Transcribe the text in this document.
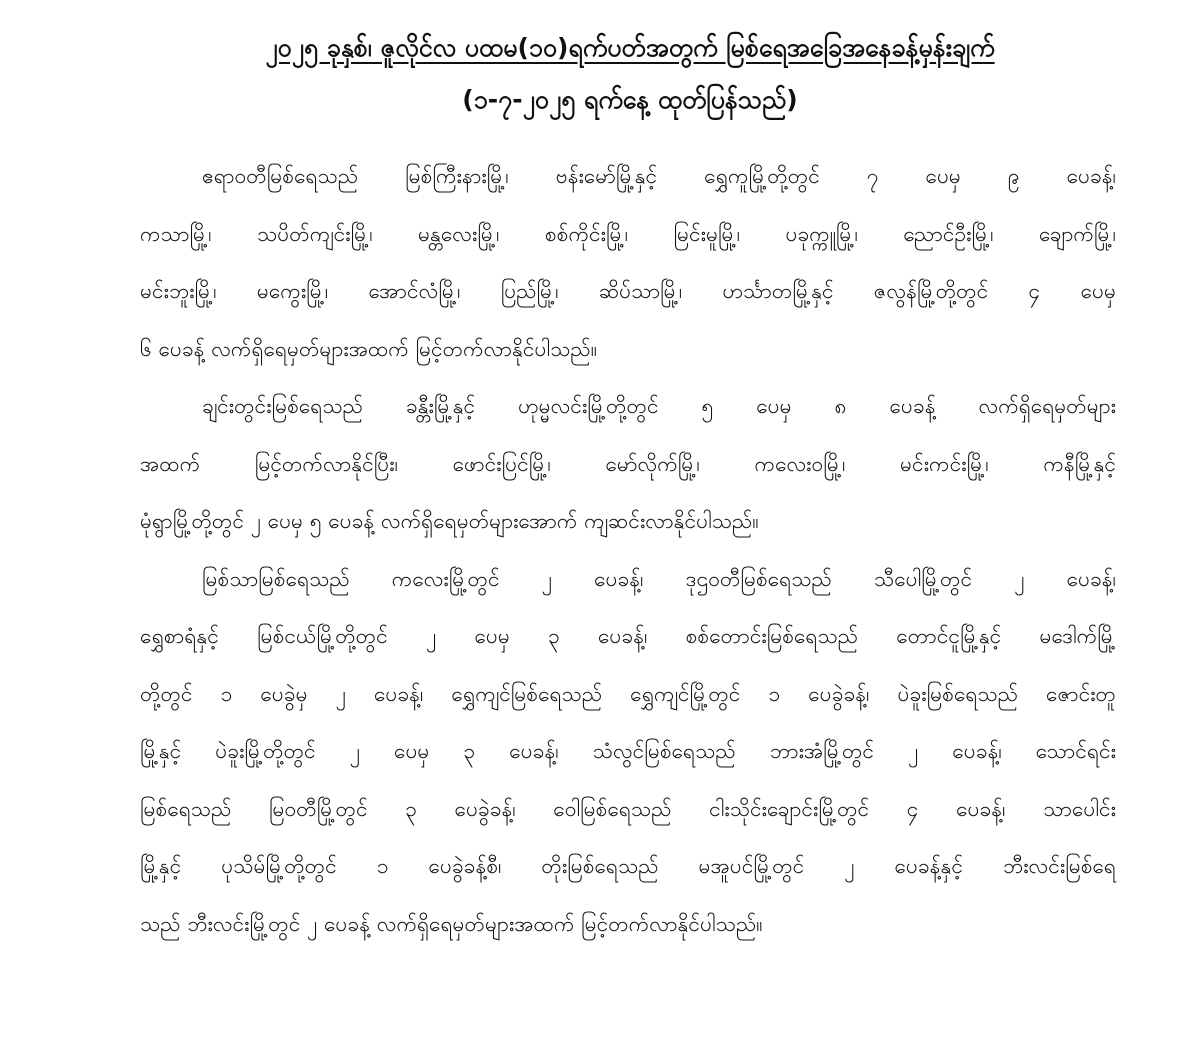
၂၀၂၅ ခုနှစ်၊ ဇူလိုင်လ ပထမ(၁၀)ရက်ပတ်အတွက် မြစ်ရေအခြေအနေခန့်မှန်းချက်
(၁-၇-၂၀၂၅ ရက်နေ့ ထုတ်ပြန်သည်)

ဧရာဝတီမြစ်ရေသည် မြစ်ကြီးနားမြို့၊ ဗန်းမော်မြို့နှင့် ရွှေကူမြို့တို့တွင် ၇ ပေမှ ၉ ပေခန့်၊

ကသာမြို့၊ သပိတ်ကျင်းမြို့၊ မန္တလေးမြို့၊ စစ်ကိုင်းမြို့၊ မြင်းမူမြို့၊ ပခုက္ကူမြို့၊ ညောင်ဦးမြို့၊ ချောက်မြို့၊

မင်းဘူးမြို့၊ မကွေးမြို့၊ အောင်လံမြို့၊ ပြည်မြို့၊ ဆိပ်သာမြို့၊ ဟင်္သာတမြို့နှင့် ဇလွန်မြို့တို့တွင် ၄ ပေမှ

၆ ပေခန့် လက်ရှိရေမှတ်များအထက် မြင့်တက်လာနိုင်ပါသည်။

ချင်းတွင်းမြစ်ရေသည် ခန္တီးမြို့နှင့် ဟုမ္မလင်းမြို့တို့တွင် ၅ ပေမှ ၈ ပေခန့် လက်ရှိရေမှတ်များ

အထက် မြင့်တက်လာနိုင်ပြီး၊ ဖောင်းပြင်မြို့၊ မော်လိုက်မြို့၊ ကလေးဝမြို့၊ မင်းကင်းမြို့၊ ကနီမြို့နှင့်

မုံရွာမြို့တို့တွင် ၂ ပေမှ ၅ ပေခန့် လက်ရှိရေမှတ်များအောက် ကျဆင်းလာနိုင်ပါသည်။

မြစ်သာမြစ်ရေသည် ကလေးမြို့တွင် ၂ ပေခန့်၊ ဒုဌဝတီမြစ်ရေသည် သီပေါမြို့တွင် ၂ ပေခန့်၊

ရွှေစာရံနှင့် မြစ်ငယ်မြို့တို့တွင် ၂ ပေမှ ၃ ပေခန့်၊ စစ်တောင်းမြစ်ရေသည် တောင်ငူမြို့နှင့် မဒေါက်မြို့

တို့တွင် ၁ ပေခွဲမှ ၂ ပေခန့်၊ ရွှေကျင်မြစ်ရေသည် ရွှေကျင်မြို့တွင် ၁ ပေခွဲခန့်၊ ပဲခူးမြစ်ရေသည် ဇောင်းတူ

မြို့နှင့် ပဲခူးမြို့တို့တွင် ၂ ပေမှ ၃ ပေခန့်၊ သံလွင်မြစ်ရေသည် ဘားအံမြို့တွင် ၂ ပေခန့်၊ သောင်ရင်း

မြစ်ရေသည် မြဝတီမြို့တွင် ၃ ပေခွဲခန့်၊ ဝေါမြစ်ရေသည် ငါးသိုင်းချောင်းမြို့တွင် ၄ ပေခန့်၊ သာပေါင်း

မြို့နှင့် ပုသိမ်မြို့တို့တွင် ၁ ပေခွဲခန့်စီ၊ တိုးမြစ်ရေသည် မအူပင်မြို့တွင် ၂ ပေခန့်နှင့် ဘီးလင်းမြစ်ရေ

သည် ဘီးလင်းမြို့တွင် ၂ ပေခန့် လက်ရှိရေမှတ်များအထက် မြင့်တက်လာနိုင်ပါသည်။
